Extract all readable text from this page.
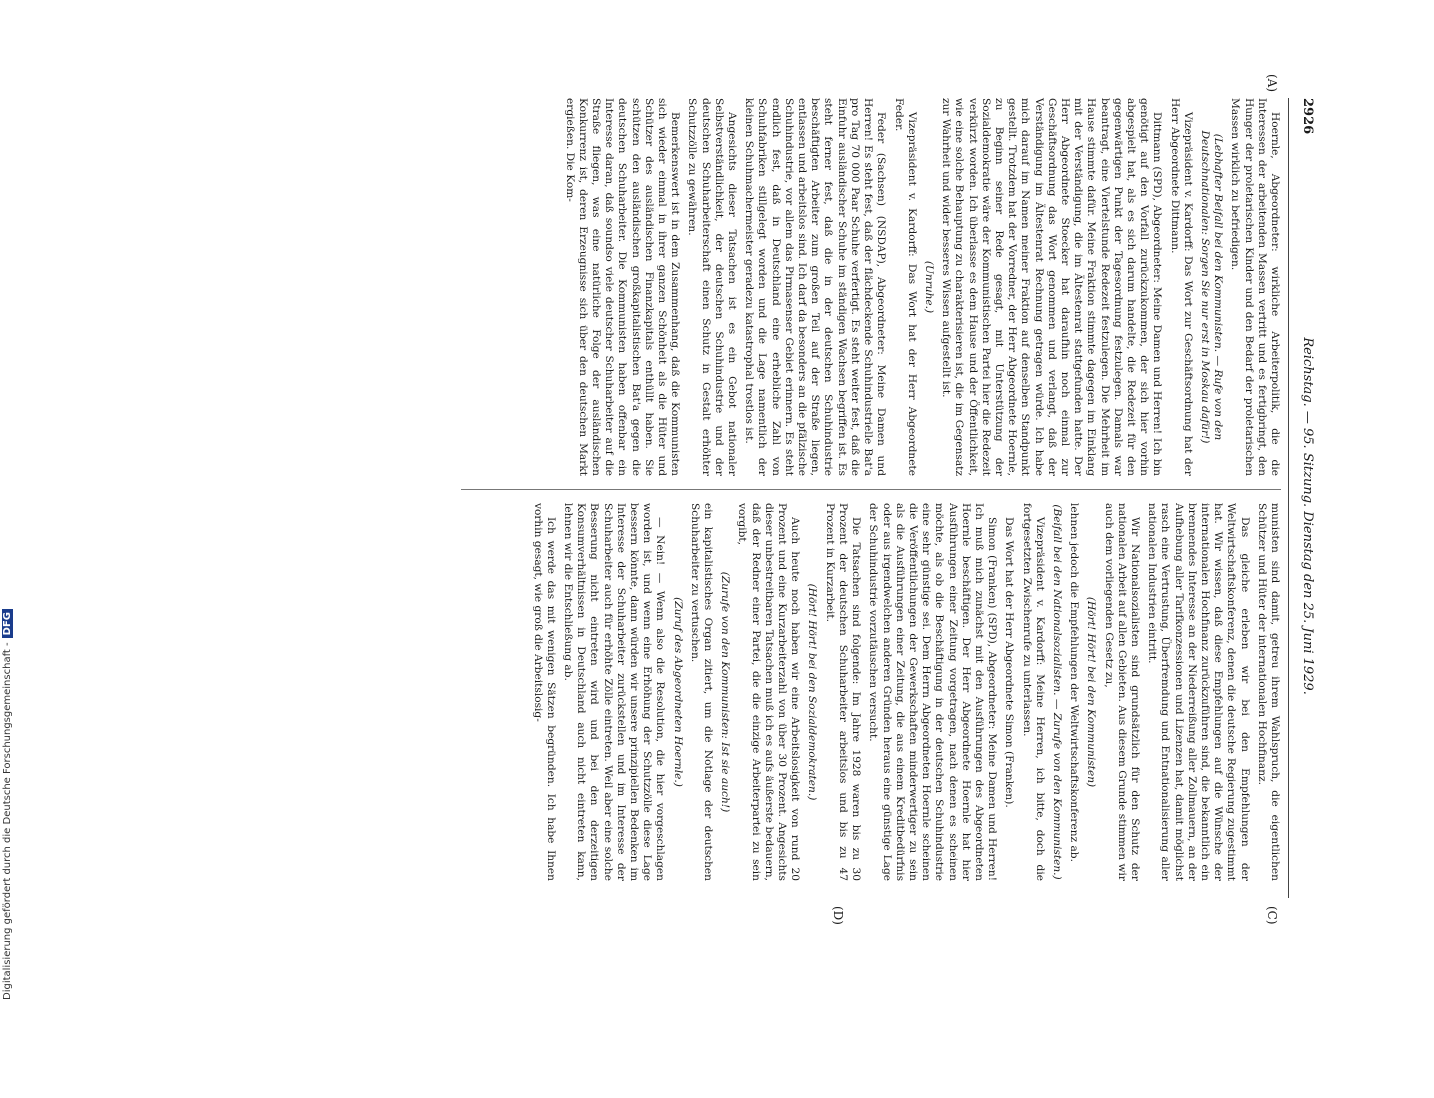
2926
Reichstag. — 95. Sitzung. Dienstag den 25. Juni 1929.
(A)
(C)
(D)

Hoernle, Abgeordneter: wirkliche Arbeiterpolitik, die die Interessen der arbeitenden Massen vertritt und es fertigbringt, den Hunger der proletarischen Kinder und den Bedarf der proletarischen Massen wirklich zu befriedigen.

(Lebhafter Beifall bei den Kommunisten. — Rufe von den Deutschnationalen: Sorgen Sie nur erst in Moskau dafür!)

Vizepräsident v. Kardorff: Das Wort zur Geschäftsordnung hat der Herr Abgeordnete Dittmann.

Dittmann (SPD), Abgeordneter: Meine Damen und Herren! Ich bin genötigt auf den Vorfall zurückzukommen, der sich hier vorhin abgespielt hat, als es sich darum handelte, die Redezeit für den gegenwärtigen Punkt der Tagesordnung festzulegen. Damals war beantragt, eine Viertelstunde Redezeit festzulegen. Die Mehrheit im Hause stimmte dafür. Meine Fraktion stimmte dagegen im Einklang mit der Verständigung, die im Ältestenrat stattgefunden hatte. Der Herr Abgeordnete Stoecker hat daraufhin noch einmal zur Geschäftsordnung das Wort genommen und verlangt, daß der Verständigung im Ältestenrat Rechnung getragen würde. Ich habe mich darauf im Namen meiner Fraktion auf denselben Standpunkt gestellt. Trotzdem hat der Vorredner, der Herr Abgeordnete Hoernle, zu Beginn seiner Rede gesagt, mit Unterstützung der Sozialdemokratie wäre der Kommunistischen Partei hier die Redezeit verkürzt worden. Ich überlasse es dem Hause und der Öffentlichkeit, wie eine solche Behauptung zu charakterisieren ist, die im Gegensatz zur Wahrheit und wider besseres Wissen aufgestellt ist.

(Unruhe.)

Vizepräsident v. Kardorff: Das Wort hat der Herr Abgeordnete Feder.

Feder (Sachsen) (NSDAP), Abgeordneter: Meine Damen und Herren! Es steht fest, daß der flächdeckende Schuhindustrielle Bat'a pro Tag 70 000 Paar Schuhe verfertigt. Es steht weiter fest, daß die Einfuhr ausländischer Schuhe im ständigen Wachsen begriffen ist. Es steht ferner fest, daß die in der deutschen Schuhindustrie beschäftigten Arbeiter zum großen Teil auf der Straße liegen, entlassen und arbeitslos sind. Ich darf da besonders an die pfälzische Schuhindustrie, vor allem das Pirmasenser Gebiet erinnern. Es steht endlich fest, daß in Deutschland eine erhebliche Zahl von Schuhfabriken stillgelegt worden und die Lage namentlich der kleinen Schuhmachermeister geradezu katastrophal trostlos ist.

Angesichts dieser Tatsachen ist es ein Gebot nationaler Selbstverständlichkeit, der deutschen Schuhindustrie und der deutschen Schuharbeiterschaft einen Schutz in Gestalt erhöhter Schutzzölle zu gewähren.

Bemerkenswert ist in dem Zusammenhang, daß die Kommunisten sich wieder einmal in ihrer ganzen Schönheit als die Hüter und Schützer des ausländischen Finanzkapitals enthüllt haben. Sie schützen den ausländischen großkapitalistischen Bat'a gegen die deutschen Schuharbeiter. Die Kommunisten haben offenbar ein Interesse daran, daß soundso viele deutscher Schuharbeiter auf die Straße fliegen, was eine natürliche Folge der ausländischen Konkurrenz ist, deren Erzeugnisse sich über den deutschen Markt ergießen. Die Kom-

munisten sind damit, getreu ihrem Wahlspruch, die eigentlichen Schützer und Hüter der internationalen Hochfinanz.

Das gleiche erleben wir bei den Empfehlungen der Weltwirtschaftskonferenz, denen die deutsche Regierung zugestimmt hat. Wir wissen, daß diese Empfehlungen auf die Wünsche der internationalen Hochfinanz zurückzuführen sind, die bekanntlich ein brennendes Interesse an der Niederreißung aller Zollmauern, an der Aufhebung aller Tarifkonzessionen und Lizenzen hat, damit möglichst rasch eine Vertrustung, Überfremdung und Entnationalisierung aller nationalen Industrien eintritt.

Wir Nationalsozialisten sind grundsätzlich für den Schutz der nationalen Arbeit auf allen Gebieten. Aus diesem Grunde stimmen wir auch dem vorliegenden Gesetz zu,

(Hört! Hört! bei den Kommunisten)

lehnen jedoch die Empfehlungen der Weltwirtschaftskonferenz ab.

(Beifall bei den Nationalsozialisten. — Zurufe von den Kommunisten.)

Vizepräsident v. Kardorff: Meine Herren, ich bitte, doch die fortgesetzten Zwischenrufe zu unterlassen.

Das Wort hat der Herr Abgeordnete Simon (Franken).

Simon (Franken) (SPD), Abgeordneter: Meine Damen und Herren! Ich muß mich zunächst mit den Ausführungen des Abgeordneten Hoernle beschäftigen. Der Herr Abgeordnete Hoernle hat hier Ausführungen einer Zeitung vorgetragen, nach denen es scheinen möchte, als ob die Beschäftigung in der deutschen Schuhindustrie eine sehr günstige sei. Dem Herrn Abgeordneten Hoernle scheinen die Veröffentlichungen der Gewerkschaften minderwertiger zu sein als die Ausführungen einer Zeitung, die aus einem Kreditbedürfnis oder aus irgendwelchen anderen Gründen heraus eine günstige Lage der Schuhindustrie vorzutäuschen versucht.

Die Tatsachen sind folgende: Im Jahre 1928 waren bis zu 30 Prozent der deutschen Schuharbeiter arbeitslos und bis zu 47 Prozent in Kurzarbeit.

(Hört! Hört! bei den Sozialdemokraten.)

Auch heute noch haben wir eine Arbeitslosigkeit von rund 20 Prozent und eine Kurzarbeiterzahl von über 30 Prozent. Angesichts dieser unbestreitbaren Tatsachen muß ich es aufs äußerste bedauern, daß der Redner einer Partei, die die einzige Arbeiterpartei zu sein vorgibt,

(Zurufe von den Kommunisten: Ist sie auch!)

ein kapitalistisches Organ zitiert, um die Notlage der deutschen Schuharbeiter zu vertuschen.

(Zuruf des Abgeordneten Hoernle.)

— Nein! — Wenn also die Resolution, die hier vorgeschlagen worden ist, und wenn eine Erhöhung der Schutzzölle diese Lage bessern könnte, dann würden wir unsere prinzipiellen Bedenken im Interesse der Schuharbeiter zurückstellen und im Interesse der Schuharbeiter auch für erhöhte Zölle eintreten. Weil aber eine solche Besserung nicht eintreten wird und bei den derzeitigen Konsumverhältnissen in Deutschland auch nicht eintreten kann, lehnen wir die Entschließung ab.

Ich werde das mit wenigen Sätzen begründen. Ich habe Ihnen vorhin gesagt, wie groß die Arbeitslosig-

Digitalisierung gefördert durch die Deutsche Forschungsgemeinschaft -DFG
